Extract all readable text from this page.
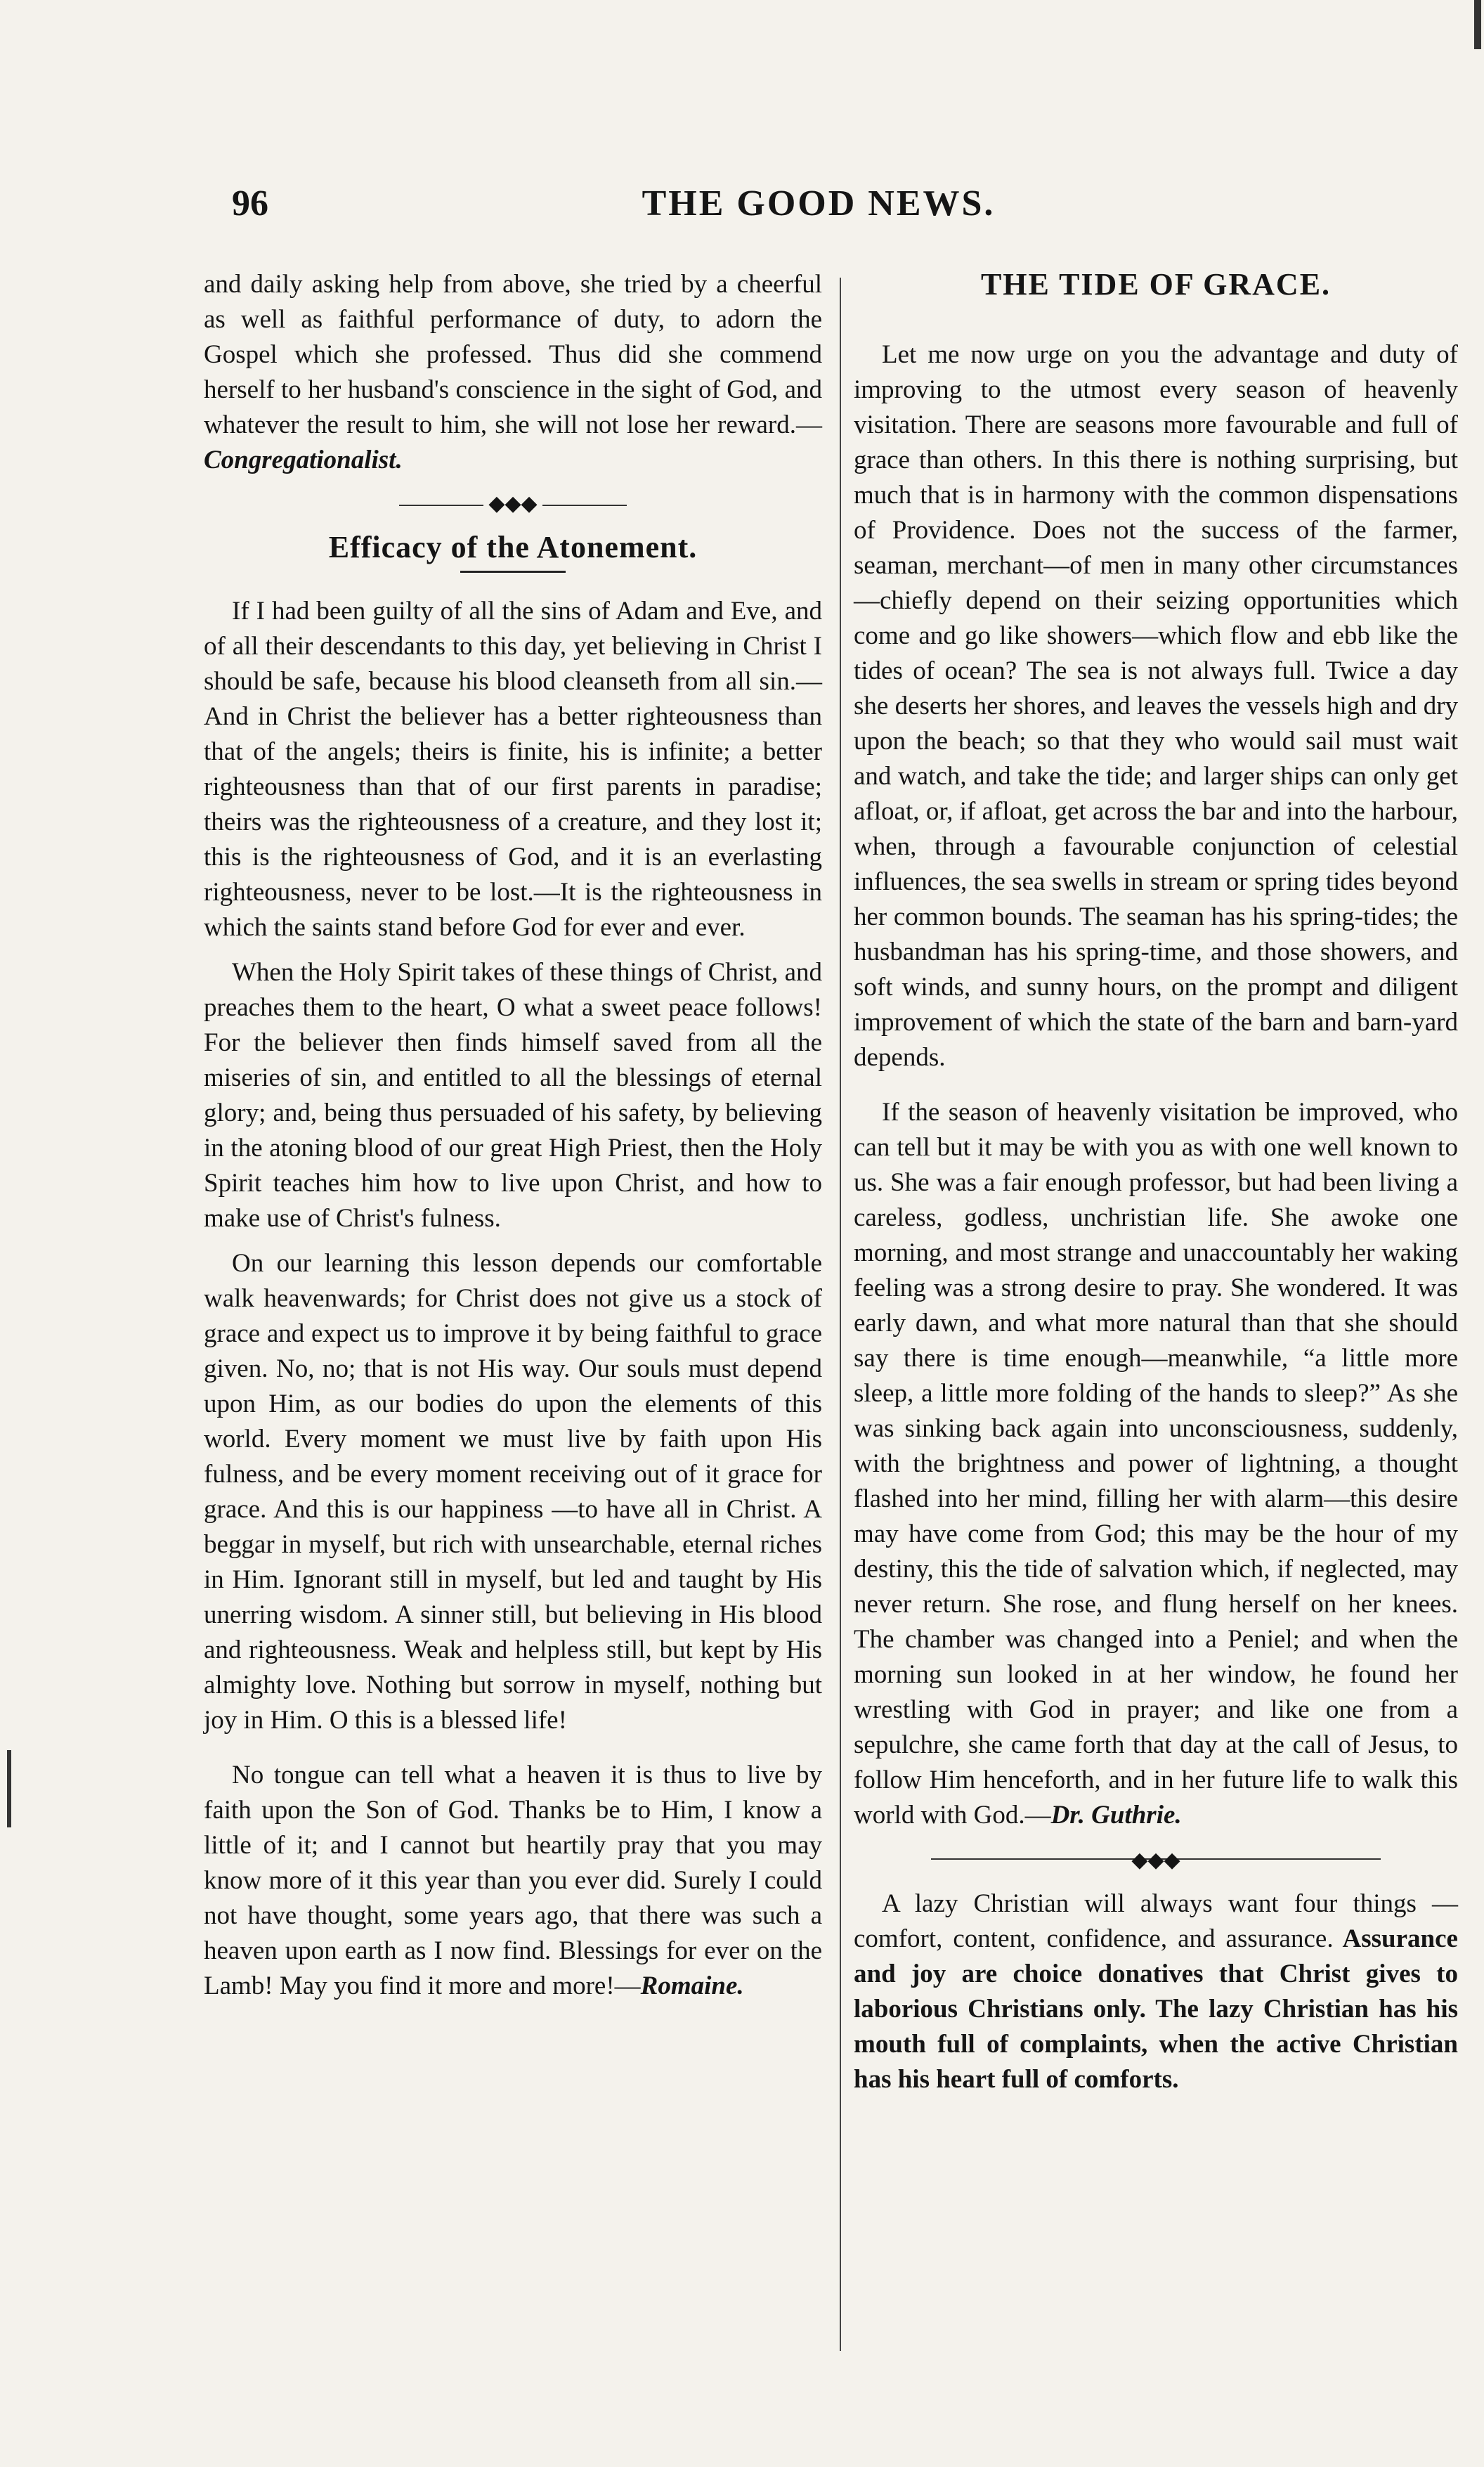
96	THE GOOD NEWS.

and daily asking help from above, she tried by a cheerful as well as faithful performance of duty, to adorn the Gospel which she professed. Thus did she commend herself to her husband's conscience in the sight of God, and whatever the result to him, she will not lose her reward.—Congregationalist.

◆◆◆
Efficacy of the Atonement.

If I had been guilty of all the sins of Adam and Eve, and of all their descendants to this day, yet believing in Christ I should be safe, because his blood cleanseth from all sin.—And in Christ the believer has a better righteousness than that of the angels; theirs is finite, his is infinite; a better righteousness than that of our first parents in paradise; theirs was the righteousness of a creature, and they lost it; this is the righteousness of God, and it is an everlasting righteousness, never to be lost.—It is the righteousness in which the saints stand before God for ever and ever.

When the Holy Spirit takes of these things of Christ, and preaches them to the heart, O what a sweet peace follows! For the believer then finds himself saved from all the miseries of sin, and entitled to all the blessings of eternal glory; and, being thus persuaded of his safety, by believing in the atoning blood of our great High Priest, then the Holy Spirit teaches him how to live upon Christ, and how to make use of Christ's fulness.

On our learning this lesson depends our comfortable walk heavenwards; for Christ does not give us a stock of grace and expect us to improve it by being faithful to grace given. No, no; that is not His way. Our souls must depend upon Him, as our bodies do upon the elements of this world. Every moment we must live by faith upon His fulness, and be every moment receiving out of it grace for grace. And this is our happiness —to have all in Christ. A beggar in myself, but rich with unsearchable, eternal riches in Him. Ignorant still in myself, but led and taught by His unerring wisdom. A sinner still, but believing in His blood and righteousness. Weak and helpless still, but kept by His almighty love. Nothing but sorrow in myself, nothing but joy in Him. O this is a blessed life!

No tongue can tell what a heaven it is thus to live by faith upon the Son of God. Thanks be to Him, I know a little of it; and I cannot but heartily pray that you may know more of it this year than you ever did. Surely I could not have thought, some years ago, that there was such a heaven upon earth as I now find. Blessings for ever on the Lamb! May you find it more and more!—Romaine.

THE TIDE OF GRACE.

Let me now urge on you the advantage and duty of improving to the utmost every season of heavenly visitation. There are seasons more favourable and full of grace than others. In this there is nothing surprising, but much that is in harmony with the common dispensations of Providence. Does not the success of the farmer, seaman, merchant—of men in many other circumstances—chiefly depend on their seizing opportunities which come and go like showers—which flow and ebb like the tides of ocean? The sea is not always full. Twice a day she deserts her shores, and leaves the vessels high and dry upon the beach; so that they who would sail must wait and watch, and take the tide; and larger ships can only get afloat, or, if afloat, get across the bar and into the harbour, when, through a favourable conjunction of celestial influences, the sea swells in stream or spring tides beyond her common bounds. The seaman has his spring-tides; the husbandman has his spring-time, and those showers, and soft winds, and sunny hours, on the prompt and diligent improvement of which the state of the barn and barn-yard depends.

If the season of heavenly visitation be improved, who can tell but it may be with you as with one well known to us. She was a fair enough professor, but had been living a careless, godless, unchristian life. She awoke one morning, and most strange and unaccountably her waking feeling was a strong desire to pray. She wondered. It was early dawn, and what more natural than that she should say there is time enough—meanwhile, “a little more sleep, a little more folding of the hands to sleep?” As she was sinking back again into unconsciousness, suddenly, with the brightness and power of lightning, a thought flashed into her mind, filling her with alarm—this desire may have come from God; this may be the hour of my destiny, this the tide of salvation which, if neglected, may never return. She rose, and flung herself on her knees. The chamber was changed into a Peniel; and when the morning sun looked in at her window, he found her wrestling with God in prayer; and like one from a sepulchre, she came forth that day at the call of Jesus, to follow Him henceforth, and in her future life to walk this world with God.—Dr. Guthrie.

◆◆◆

A lazy Christian will always want four things — comfort, content, confidence, and assurance. Assurance and joy are choice donatives that Christ gives to laborious Christians only. The lazy Christian has his mouth full of complaints, when the active Christian has his heart full of comforts.
